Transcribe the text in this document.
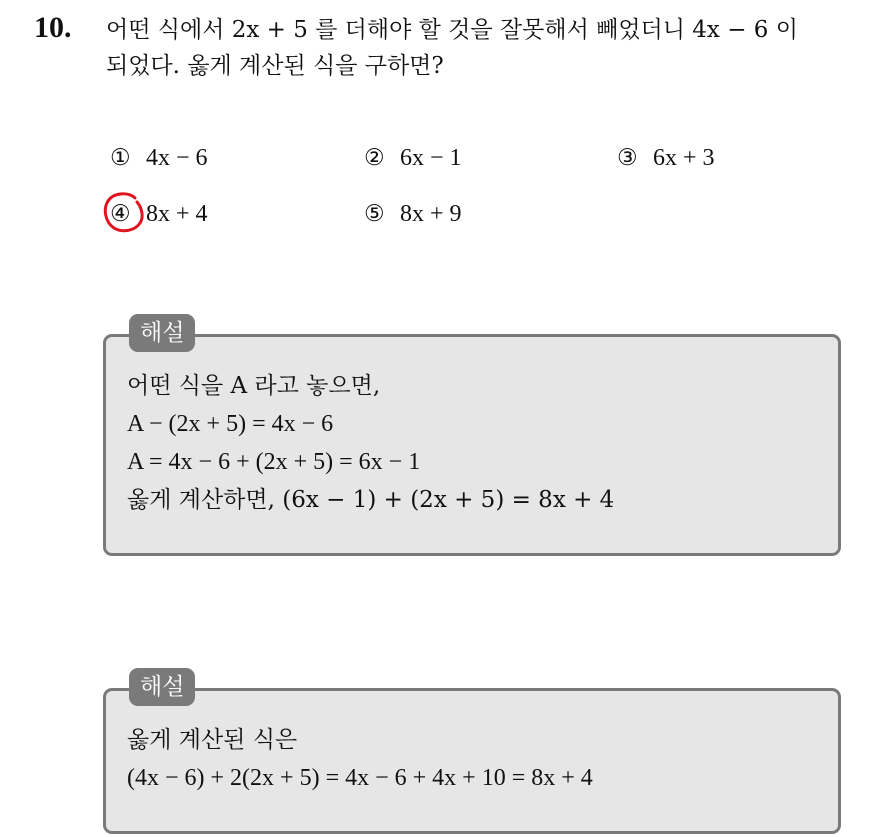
10. 어떤 식에서 2x + 5 를 더해야 할 것을 잘못해서 빼었더니 4x − 6 이
되었다. 옳게 계산된 식을 구하면?
① 4x − 6	② 6x − 1	③ 6x + 3
④ 8x + 4	⑤ 8x + 9
어떤 식을 A 라고 놓으면,
A − (2x + 5) = 4x − 6
A = 4x − 6 + (2x + 5) = 6x − 1
옳게 계산하면, (6x − 1) + (2x + 5) = 8x + 4
해설
옳게 계산된 식은
(4x − 6) + 2(2x + 5) = 4x − 6 + 4x + 10 = 8x + 4
해설
